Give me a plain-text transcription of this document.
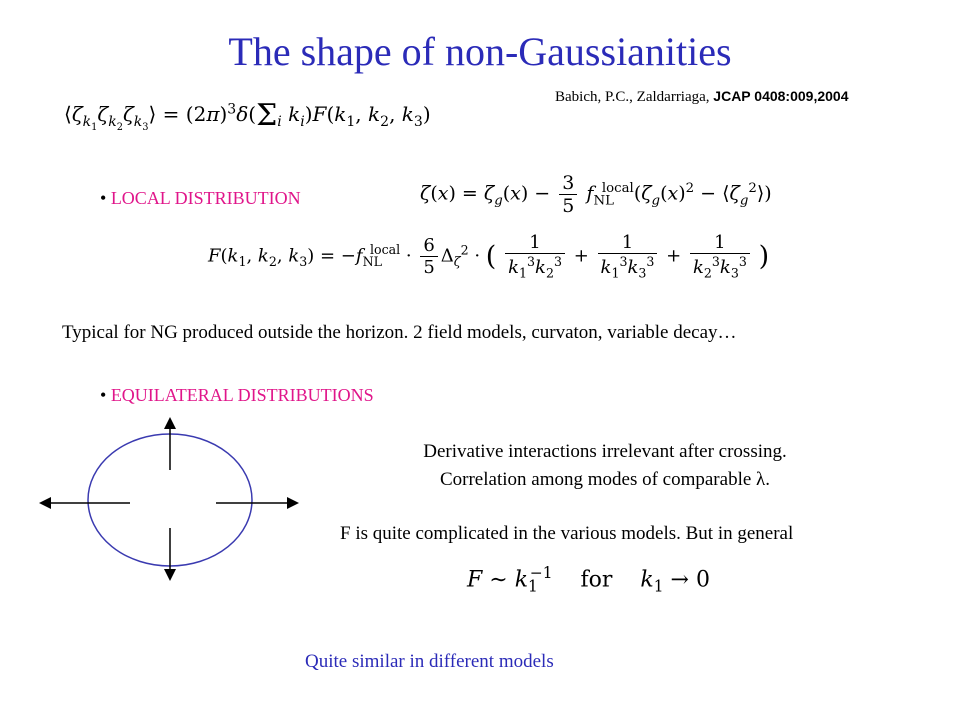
The shape of non-Gaussianities
Babich, P.C., Zaldarriaga, JCAP 0408:009,2004
$⟨\zeta_{k_1}\zeta_{k_2}\zeta_{k_3}⟩ = (2\pi)^3\delta(\Sigma_i$ $k_i)F(k_1$, $k_2$, $k_3$)
• LOCAL DISTRIBUTION	$\zeta(x) = \zeta_g(x) - \frac{3}{5} f_{NL}^{local}(\zeta_g(x)^2$ − $⟨\zeta_g^2⟩$)
$F(k_1$, $k_2$, $k_3) = -f_{NL}^{local} \cdot \frac{6}{5} \Delta_\zeta^2$ · ( $\frac{1}{k_1^3k_2^3} + \frac{1}{k_1^3k_3^3} + \frac{1}{k_2^3k_3^3}$ )
Typical for NG produced outside the horizon. 2 field models, curvaton, variable decay…
• EQUILATERAL DISTRIBUTIONS
Derivative interactions irrelevant after crossing.
Correlation among modes of comparable λ.
F is quite complicated in the various models. But in general
F ∼ $k_1^{-1}$ for $k_1 \to 0$
Quite similar in different models
